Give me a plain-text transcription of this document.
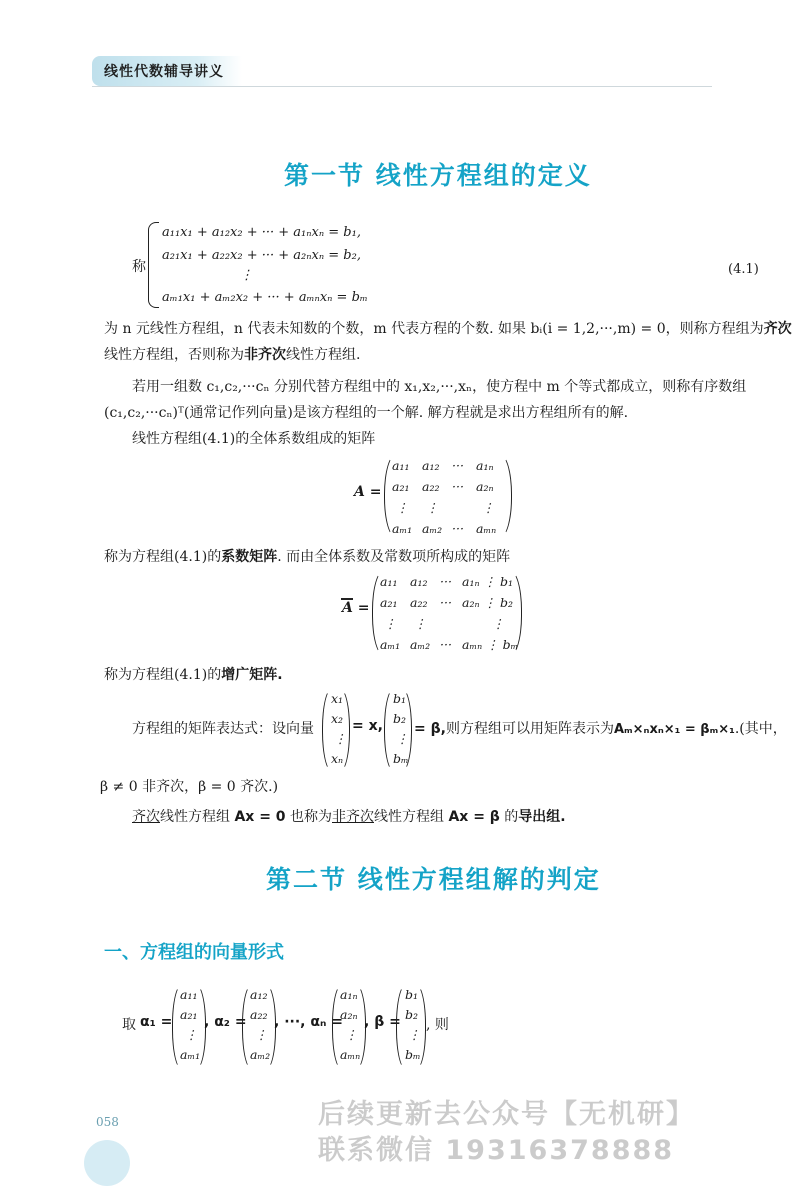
线性代数辅导讲义
第一节 线性方程组的定义
称
a₁₁x₁ + a₁₂x₂ + ··· + a₁ₙxₙ = b₁,
a₂₁x₁ + a₂₂x₂ + ··· + a₂ₙxₙ = b₂,
⋮
aₘ₁x₁ + aₘ₂x₂ + ··· + aₘₙxₙ = bₘ
(4.1)
为 n 元线性方程组，n 代表未知数的个数，m 代表方程的个数. 如果 bᵢ(i = 1,2,···,m) = 0，则称方程组为齐次
线性方程组，否则称为非齐次线性方程组.
若用一组数 c₁,c₂,···cₙ 分别代替方程组中的 x₁,x₂,···,xₙ，使方程中 m 个等式都成立，则称有序数组
(c₁,c₂,···cₙ)ᵀ(通常记作列向量)是该方程组的一个解. 解方程就是求出方程组所有的解.
线性方程组(4.1)的全体系数组成的矩阵
A =
a₁₁ a₁₂ ··· a₁ₙ
a₂₁ a₂₂ ··· a₂ₙ
⋮ ⋮	⋮
aₘ₁ aₘ₂ ··· aₘₙ
称为方程组(4.1)的系数矩阵. 而由全体系数及常数项所构成的矩阵
A =
a₁₁ a₁₂ ··· a₁ₙ ⋮ b₁
a₂₁ a₂₂ ··· a₂ₙ ⋮ b₂
⋮ ⋮	⋮
aₘ₁ aₘ₂ ··· aₘₙ ⋮ bₘ
称为方程组(4.1)的增广矩阵.
方程组的矩阵表达式：设向量
x₁
x₂
⋮
xₙ
= x,
b₁
b₂
⋮
bₘ
= β,则方程组可以用矩阵表示为Aₘ×ₙxₙ×₁ = βₘ×₁.(其中，
β ≠ 0 非齐次，β = 0 齐次.)
齐次线性方程组 Ax = 0 也称为非齐次线性方程组 Ax = β 的导出组.
第二节 线性方程组解的判定
一、方程组的向量形式
取 α₁ =
a₁₁
a₂₁
⋮
aₘ₁
, α₂ =
a₁₂
a₂₂
⋮
aₘ₂
, ···, αₙ =
a₁ₙ
a₂ₙ
⋮
aₘₙ
, β =
b₁
b₂
⋮
bₘ
, 则
058	后续更新去公众号【无机研】
联系微信 19316378888
